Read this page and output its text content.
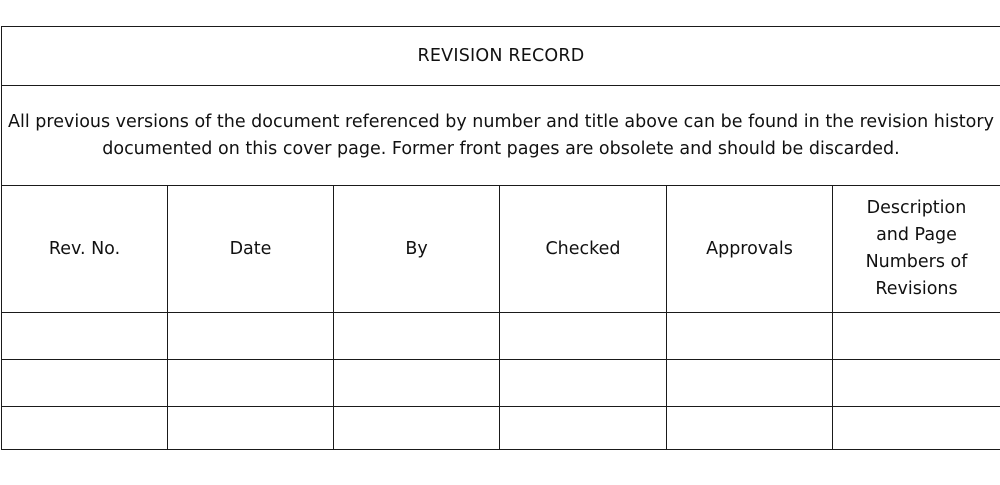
REVISION RECORD					

All previous versions of the document referenced by number and title above can be found in the revision history
documented on this cover page. Former front pages are obsolete and should be discarded.					

Rev. No.	Date	By	Checked	Approvals	Description and Page Numbers of Revisions
